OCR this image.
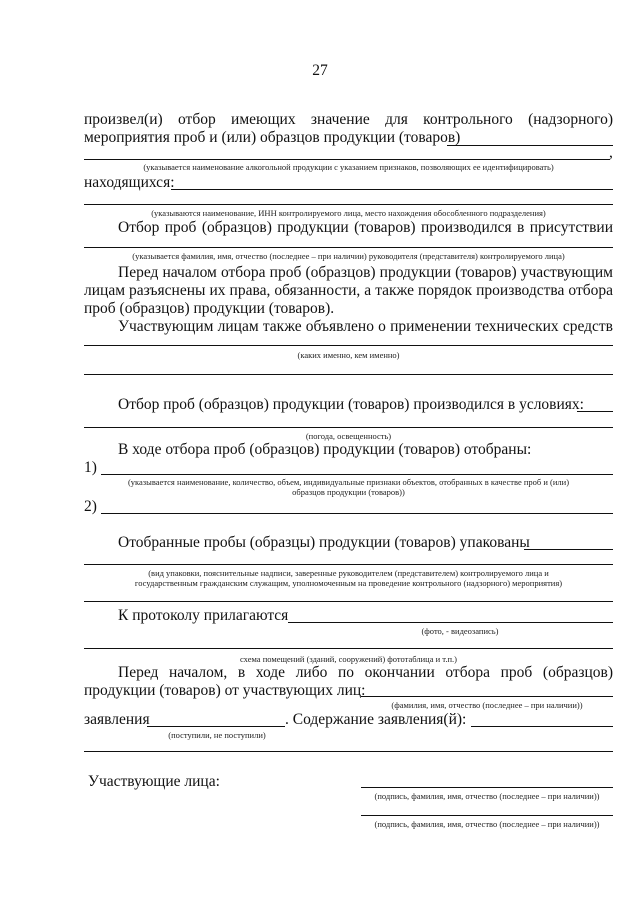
27
произвел(и) отбор имеющих значение для контрольного (надзорного)
мероприятия проб и (или) образцов продукции (товаров)
,
(указывается наименование алкогольной продукции с указанием признаков, позволяющих ее идентифицировать)
находящихся:
(указываются наименование, ИНН контролируемого лица, место нахождения обособленного подразделения)
Отбор проб (образцов) продукции (товаров) производился в присутствии
(указывается фамилия, имя, отчество (последнее – при наличии) руководителя (представителя) контролируемого лица)
Перед началом отбора проб (образцов) продукции (товаров) участвующим
лицам разъяснены их права, обязанности, а также порядок производства отбора
проб (образцов) продукции (товаров).
Участвующим лицам также объявлено о применении технических средств
(каких именно, кем именно)
Отбор проб (образцов) продукции (товаров) производился в условиях:
(погода, освещенность)
В ходе отбора проб (образцов) продукции (товаров) отобраны:
1)
(указывается наименование, количество, объем, индивидуальные признаки объектов, отобранных в качестве проб и (или)
образцов продукции (товаров))
2)
Отобранные пробы (образцы) продукции (товаров) упакованы
(вид упаковки, пояснительные надписи, заверенные руководителем (представителем) контролируемого лица и
государственным гражданским служащим, уполномоченным на проведение контрольного (надзорного) мероприятия)
К протоколу прилагаются
(фото, - видеозапись)
схема помещений (зданий, сооружений) фототаблица и т.п.)
Перед началом, в ходе либо по окончании отбора проб (образцов)
продукции (товаров) от участвующих лиц:
(фамилия, имя, отчество (последнее – при наличии))
заявления	. Содержание заявления(й):
(поступили, не поступили)
Участвующие лица:
(подпись, фамилия, имя, отчество (последнее – при наличии))
(подпись, фамилия, имя, отчество (последнее – при наличии))
